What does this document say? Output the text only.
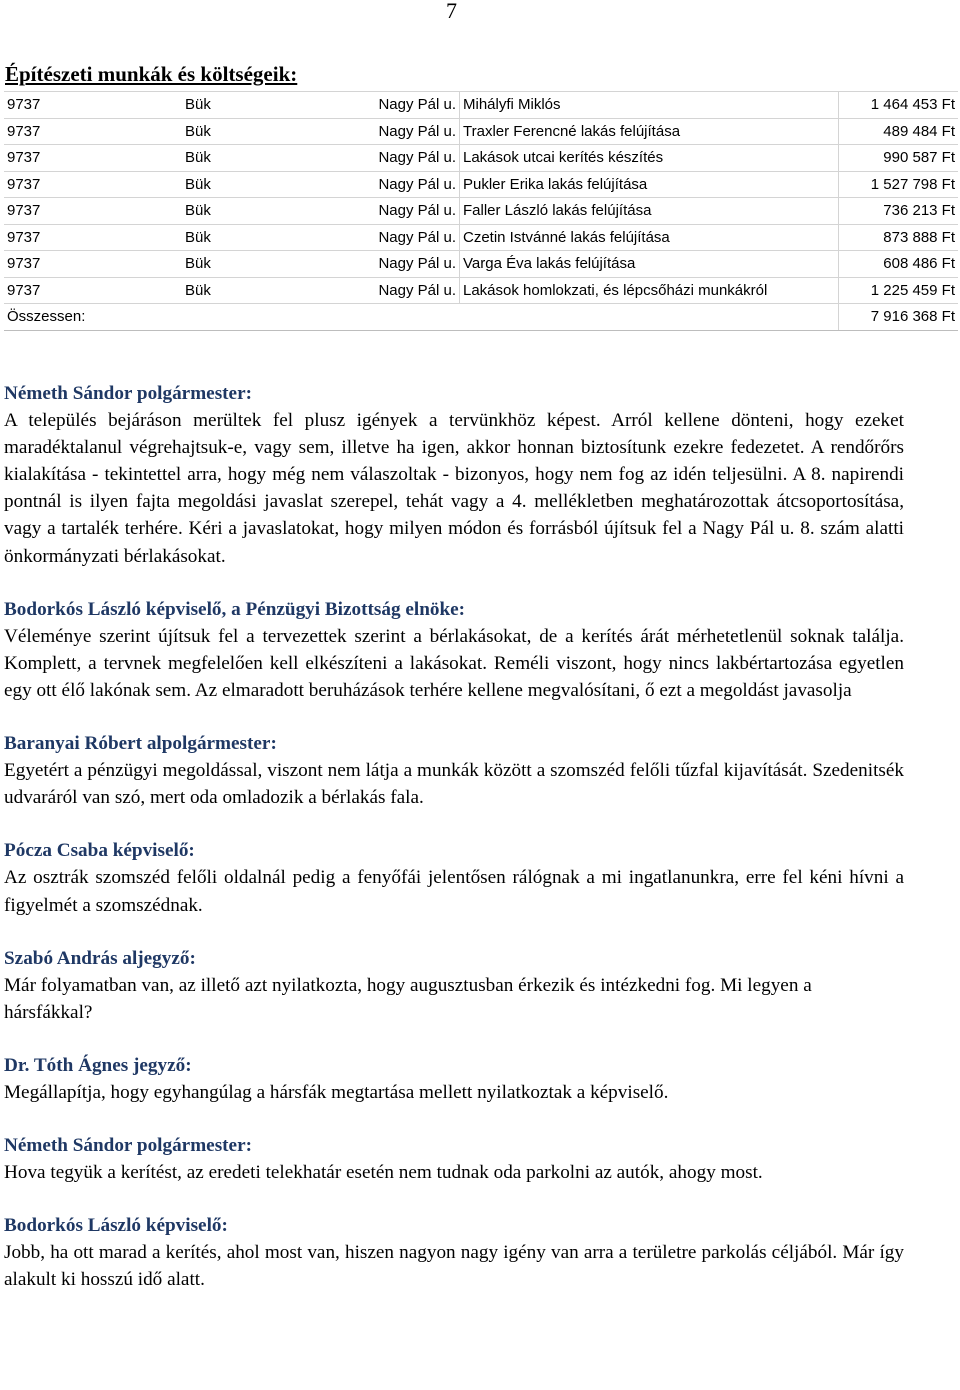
7
Építészeti munkák és költségeik:
9737	Bük	Nagy Pál u.	Mihályfi Miklós	1 464 453 Ft
9737	Bük	Nagy Pál u.	Traxler Ferencné lakás felújítása	489 484 Ft
9737	Bük	Nagy Pál u.	Lakások utcai kerítés készítés	990 587 Ft
9737	Bük	Nagy Pál u.	Pukler Erika lakás felújítása	1 527 798 Ft
9737	Bük	Nagy Pál u.	Faller László lakás felújítása	736 213 Ft
9737	Bük	Nagy Pál u.	Czetin Istvánné lakás felújítása	873 888 Ft
9737	Bük	Nagy Pál u.	Varga Éva lakás felújítása	608 486 Ft
9737	Bük	Nagy Pál u.	Lakások homlokzati, és lépcsőházi munkákról	1 225 459 Ft
Összessen:				7 916 368 Ft
Németh Sándor polgármester:
A település bejáráson merültek fel plusz igények a tervünkhöz képest. Arról kellene dönteni, hogy ezeket maradéktalanul végrehajtsuk-e, vagy sem, illetve ha igen, akkor honnan biztosítunk ezekre fedezetet. A rendőrőrs kialakítása - tekintettel arra, hogy még nem válaszoltak - bizonyos, hogy nem fog az idén teljesülni. A 8. napirendi pontnál is ilyen fajta megoldási javaslat szerepel, tehát vagy a 4. mellékletben meghatározottak átcsoportosítása, vagy a tartalék terhére. Kéri a javaslatokat, hogy milyen módon és forrásból újítsuk fel a Nagy Pál u. 8. szám alatti önkormányzati bérlakásokat.
Bodorkós László képviselő, a Pénzügyi Bizottság elnöke:
Véleménye szerint újítsuk fel a tervezettek szerint a bérlakásokat, de a kerítés árát mérhetetlenül soknak találja. Komplett, a tervnek megfelelően kell elkészíteni a lakásokat. Reméli viszont, hogy nincs lakbértartozása egyetlen egy ott élő lakónak sem. Az elmaradott beruházások terhére kellene megvalósítani, ő ezt a megoldást javasolja
Baranyai Róbert alpolgármester:
Egyetért a pénzügyi megoldással, viszont nem látja a munkák között a szomszéd felőli tűzfal kijavítását. Szedenitsék udvaráról van szó, mert oda omladozik a bérlakás fala.
Pócza Csaba képviselő:
Az osztrák szomszéd felőli oldalnál pedig a fenyőfái jelentősen rálógnak a mi ingatlanunkra, erre fel kéni hívni a figyelmét a szomszédnak.
Szabó András aljegyző:
Már folyamatban van, az illető azt nyilatkozta, hogy augusztusban érkezik és intézkedni fog. Mi legyen a hársfákkal?
Dr. Tóth Ágnes jegyző:
Megállapítja, hogy egyhangúlag a hársfák megtartása mellett nyilatkoztak a képviselő.
Németh Sándor polgármester:
Hova tegyük a kerítést, az eredeti telekhatár esetén nem tudnak oda parkolni az autók, ahogy most.
Bodorkós László képviselő:
Jobb, ha ott marad a kerítés, ahol most van, hiszen nagyon nagy igény van arra a területre parkolás céljából. Már így alakult ki hosszú idő alatt.
